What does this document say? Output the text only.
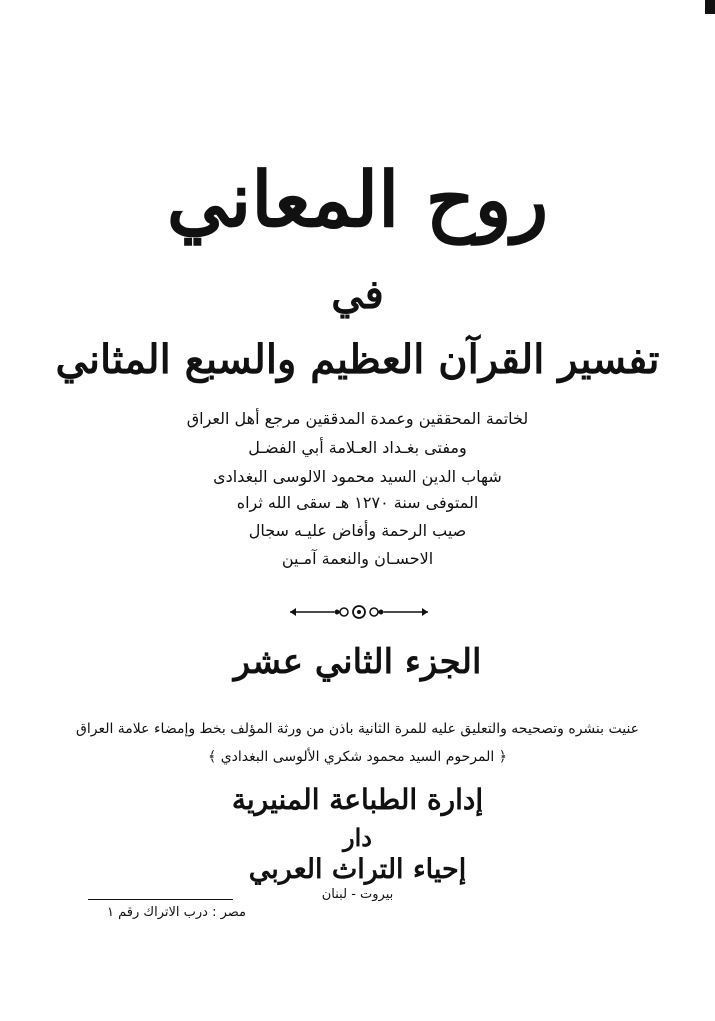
روح المعاني
في
تفسير القرآن العظيم والسبع المثاني
لخاتمة المحققين وعمدة المدققين مرجع أهل العراق
ومفتى بغـداد العـلامة أبي الفضـل
شهاب الدين السيد محمود الالوسى البغدادى
المتوفى سنة ١٢٧٠ هـ سقى الله ثراه
صيب الرحمة وأفاض عليـه سجال
الاحسـان والنعمة آمـين
الجزء الثاني عشر
عنيت بنشره وتصحيحه والتعليق عليه للمرة الثانية باذن من ورثة المؤلف بخط وإمضاء علامة العراق
﴿ المرحوم السيد محمود شكري الألوسى البغدادي ﴾
إدارة الطباعة المنيرية
دار
إحياء التراث العربي
بيروت - لبنان
مصر : درب الاتراك رقم ١
